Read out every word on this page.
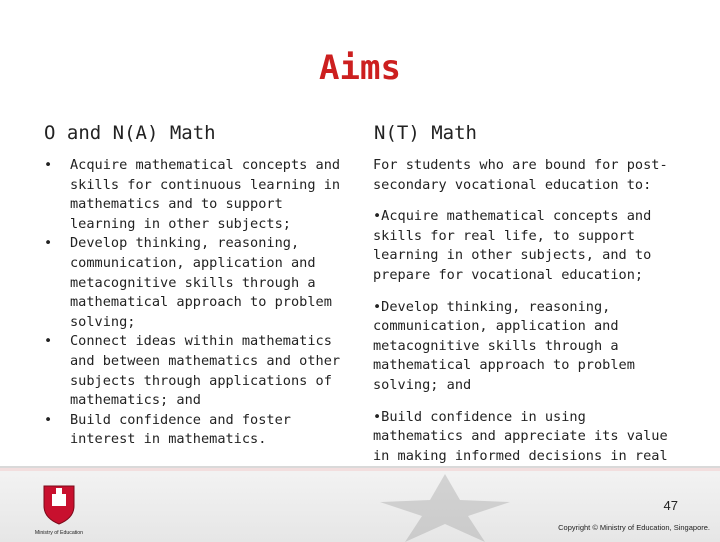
Aims
O and N(A) Math	N(T) Math
• Acquire mathematical concepts and skills for continuous learning in mathematics and to support learning in other subjects;
• Develop thinking, reasoning, communication, application and metacognitive skills through a mathematical approach to problem solving;
• Connect ideas within mathematics and between mathematics and other subjects through applications of mathematics; and
• Build confidence and foster interest in mathematics.

For students who are bound for post-secondary vocational education to:

•Acquire mathematical concepts and skills for real life, to support learning in other subjects, and to prepare for vocational education;

•Develop thinking, reasoning, communication, application and metacognitive skills through a mathematical approach to problem solving; and

•Build confidence in using mathematics and appreciate its value in making informed decisions in real

Ministry of Education
47
Copyright © Ministry of Education, Singapore.
